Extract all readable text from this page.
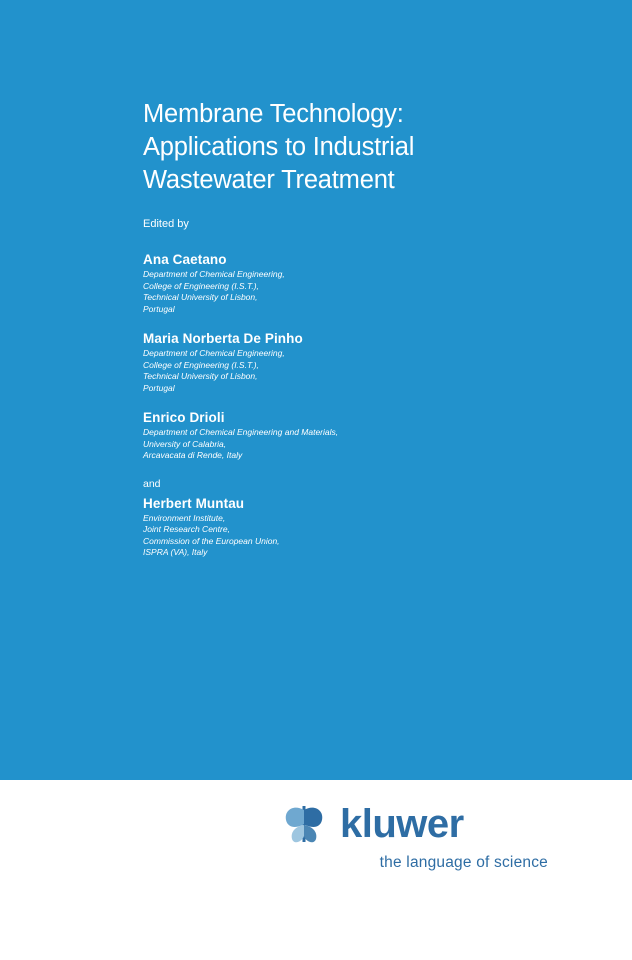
Membrane Technology:
Applications to Industrial
Wastewater Treatment
Edited by
Ana Caetano
Department of Chemical Engineering,
College of Engineering (I.S.T.),
Technical University of Lisbon,
Portugal
Maria Norberta De Pinho
Department of Chemical Engineering,
College of Engineering (I.S.T.),
Technical University of Lisbon,
Portugal
Enrico Drioli
Department of Chemical Engineering and Materials,
University of Calabria,
Arcavacata di Rende, Italy
and
Herbert Muntau
Environment Institute,
Joint Research Centre,
Commission of the European Union,
ISPRA (VA), Italy
kluwer
the language of science
